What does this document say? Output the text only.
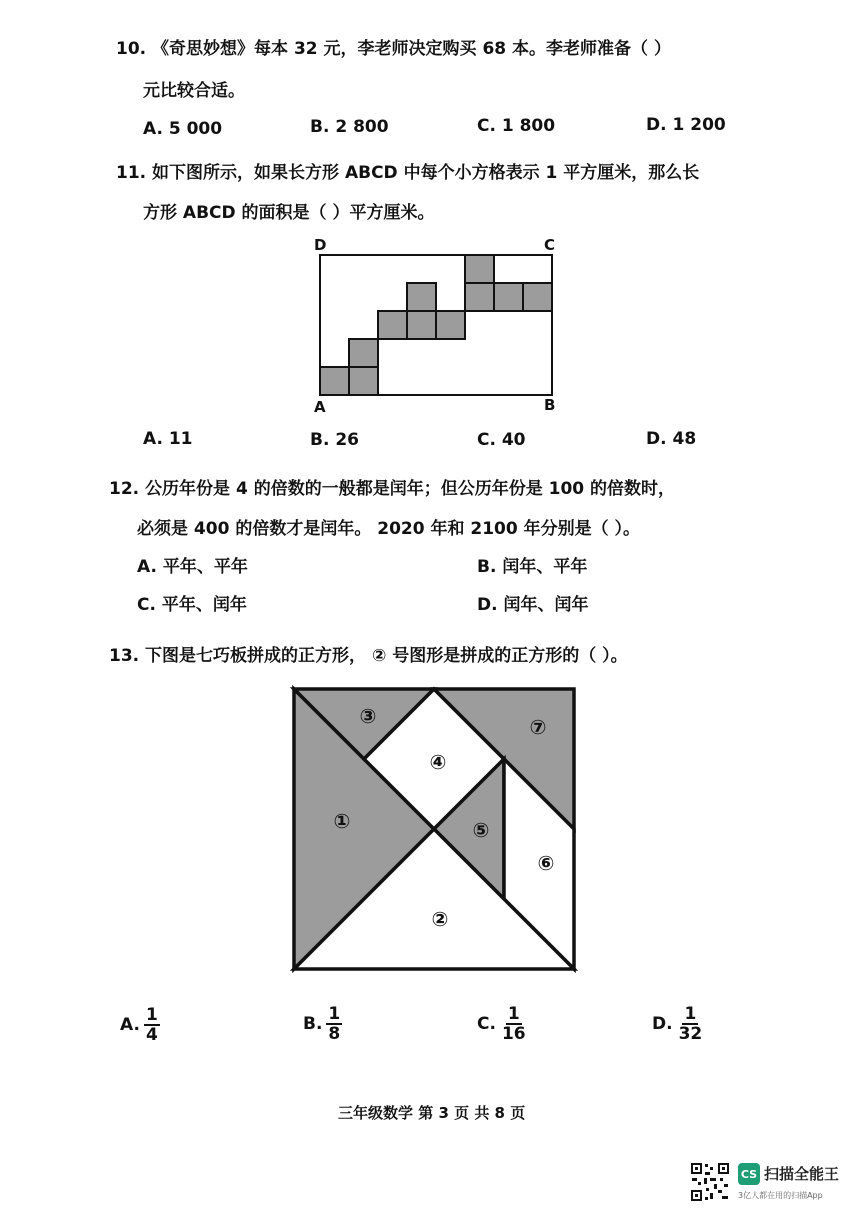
10. 《奇思妙想》每本 32 元，李老师决定购买 68 本。李老师准备（ ）
元比较合适。
A. 5 000	B. 2 800	C. 1 800	D. 1 200
11. 如下图所示，如果长方形 ABCD 中每个小方格表示 1 平方厘米，那么长
方形 ABCD 的面积是（ ）平方厘米。
D	C
A	B
A. 11	B. 26	C. 40	D. 48
12. 公历年份是 4 的倍数的一般都是闰年；但公历年份是 100 的倍数时，
必须是 400 的倍数才是闰年。 2020 年和 2100 年分别是（ ）。
A. 平年、平年	B. 闰年、平年
C. 平年、闰年	D. 闰年、闰年
13. 下图是七巧板拼成的正方形， ② 号图形是拼成的正方形的（ ）。
①
②
③
④
⑤
⑥
⑦
A. $\frac{1}{4}$	B. $\frac{1}{8}$	C. $\frac{1}{16}$	D. $\frac{1}{32}$
三年级数学 第 3 页 共 8 页
CS 扫描全能王
3亿人都在用的扫描App
